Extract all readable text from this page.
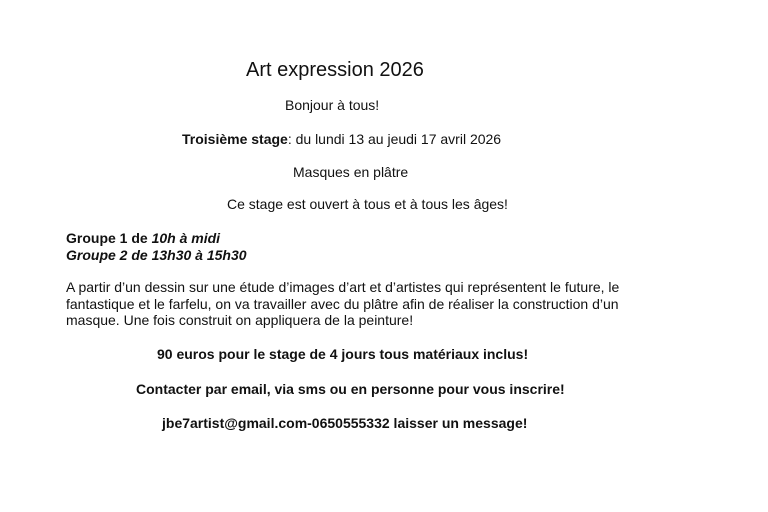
Art expression 2026
Bonjour à tous!
Troisième stage: du lundi 13 au jeudi 17 avril 2026
Masques en plâtre
Ce stage est ouvert à tous et à tous les âges!
Groupe 1 de 10h à midi
Groupe 2 de 13h30 à 15h30
A partir d’un dessin sur une étude d’images d’art et d’artistes qui représentent le future, le
fantastique et le farfelu, on va travailler avec du plâtre afin de réaliser la construction d’un
masque. Une fois construit on appliquera de la peinture!
90 euros pour le stage de 4 jours tous matériaux inclus!
Contacter par email, via sms ou en personne pour vous inscrire!
jbe7artist@gmail.com-0650555332 laisser un message!
